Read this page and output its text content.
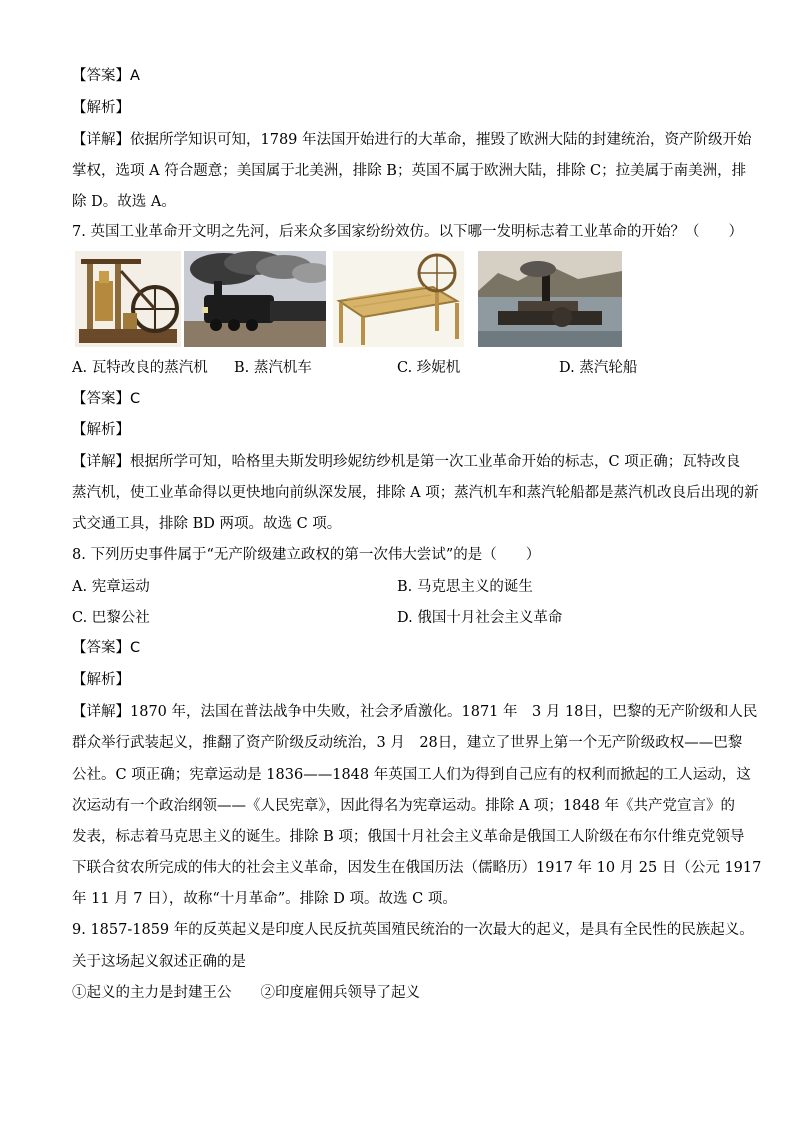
【答案】A
【解析】
【详解】依据所学知识可知，1789 年法国开始进行的大革命，摧毁了欧洲大陆的封建统治，资产阶级开始
掌权，选项 A 符合题意；美国属于北美洲，排除 B；英国不属于欧洲大陆，排除 C；拉美属于南美洲，排
除 D。故选 A。
7. 英国工业革命开文明之先河，后来众多国家纷纷效仿。以下哪一发明标志着工业革命的开始？（　　）
A. 瓦特改良的蒸汽机 B. 蒸汽机车	C. 珍妮机	D. 蒸汽轮船
【答案】C
【解析】
【详解】根据所学可知，哈格里夫斯发明珍妮纺纱机是第一次工业革命开始的标志，C 项正确；瓦特改良
蒸汽机，使工业革命得以更快地向前纵深发展，排除 A 项；蒸汽机车和蒸汽轮船都是蒸汽机改良后出现的新
式交通工具，排除 BD 两项。故选 C 项。
8. 下列历史事件属于“无产阶级建立政权的第一次伟大尝试”的是（　　）
A. 宪章运动	B. 马克思主义的诞生
C. 巴黎公社	D. 俄国十月社会主义革命
【答案】C
【解析】
【详解】1870 年，法国在普法战争中失败，社会矛盾激化。1871 年　3 月 18日，巴黎的无产阶级和人民
群众举行武装起义，推翻了资产阶级反动统治，3 月　28日，建立了世界上第一个无产阶级政权——巴黎
公社。C 项正确；宪章运动是 1836——1848 年英国工人们为得到自己应有的权利而掀起的工人运动，这
次运动有一个政治纲领——《人民宪章》，因此得名为宪章运动。排除 A 项；1848 年《共产党宣言》的
发表，标志着马克思主义的诞生。排除 B 项；俄国十月社会主义革命是俄国工人阶级在布尔什维克党领导
下联合贫农所完成的伟大的社会主义革命，因发生在俄国历法（儒略历）1917 年 10 月 25 日（公元 1917
年 11 月 7 日），故称“十月革命”。排除 D 项。故选 C 项。
9. 1857-1859 年的反英起义是印度人民反抗英国殖民统治的一次最大的起义，是具有全民性的民族起义。
关于这场起义叙述正确的是
①起义的主力是封建王公　　②印度雇佣兵领导了起义
